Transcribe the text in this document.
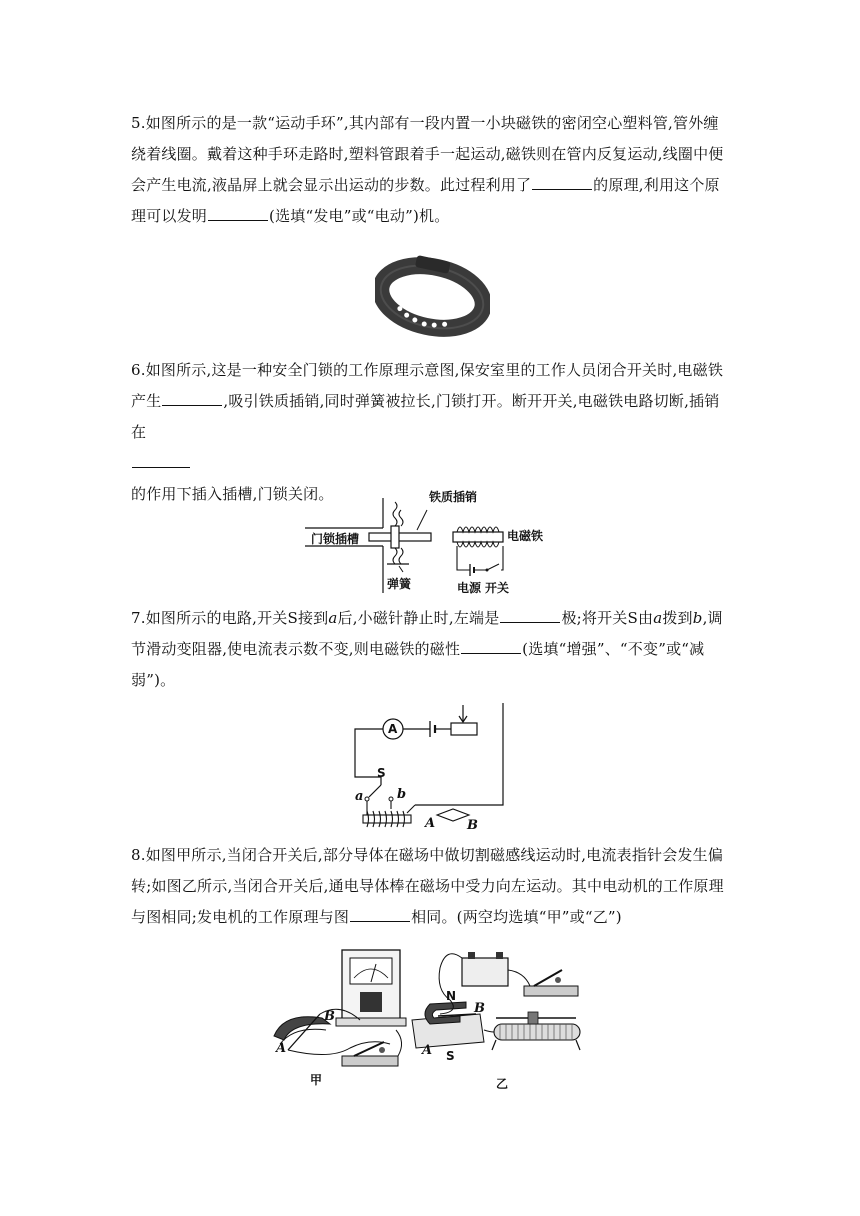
5.如图所示的是一款“运动手环”,其内部有一段内置一小块磁铁的密闭空心塑料管,管外缠绕着线圈。戴着这种手环走路时,塑料管跟着手一起运动,磁铁则在管内反复运动,线圈中便会产生电流,液晶屏上就会显示出运动的步数。此过程利用了	的原理,利用这个原理可以发明	(选填“发电”或“电动”)机。
6.如图所示,这是一种安全门锁的工作原理示意图,保安室里的工作人员闭合开关时,电磁铁产生	,吸引铁质插销,同时弹簧被拉长,门锁打开。断开开关,电磁铁电路切断,插销在

的作用下插入插槽,门锁关闭。	铁质插销
门锁插槽	电磁铁
弹簧	电源 开关
7.如图所示的电路,开关S接到a后,小磁针静止时,左端是	极;将开关S由a拨到b,调节滑动变阻器,使电流表示数不变,则电磁铁的磁性	(选填“增强”、“不变”或“减弱”)。
A
S
a	b
A B
8.如图甲所示,当闭合开关后,部分导体在磁场中做切割磁感线运动时,电流表指针会发生偏转;如图乙所示,当闭合开关后,通电导体棒在磁场中受力向左运动。其中电动机的工作原理与图相同;发电机的工作原理与图	相同。(两空均选填“甲”或“乙”)
A
B
甲
N
S
A
B
乙
